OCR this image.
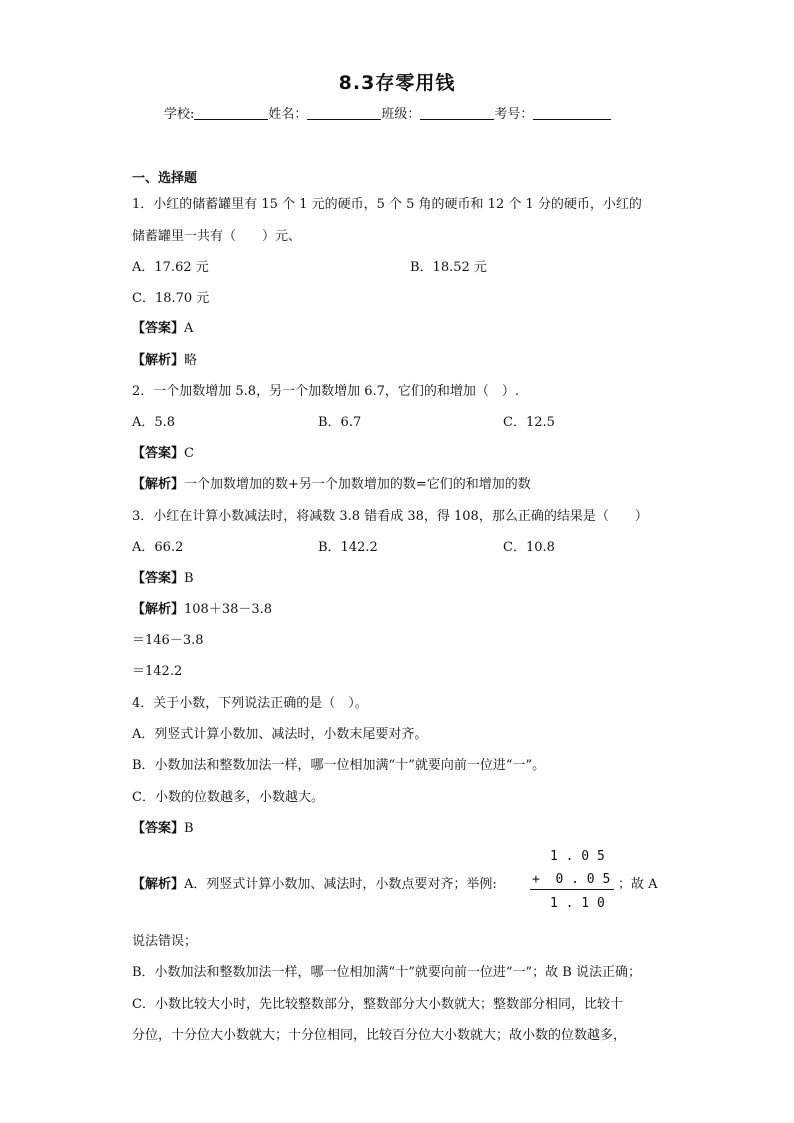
8.3存零用钱
学校:	姓名：	班级：	考号：
一、选择题
1．小红的储蓄罐里有 15 个 1 元的硬币，5 个 5 角的硬币和 12 个 1 分的硬币，小红的
储蓄罐里一共有（　　）元、
A．17.62 元	B．18.52 元
C．18.70 元
【答案】A
【解析】略
2．一个加数增加 5.8，另一个加数增加 6.7，它们的和增加（　）.
A．5.8	B．6.7	C．12.5
【答案】C
【解析】一个加数增加的数+另一个加数增加的数=它们的和增加的数
3．小红在计算小数减法时，将减数 3.8 错看成 38，得 108，那么正确的结果是（　　）
A．66.2	B．142.2	C．10.8
【答案】B
【解析】108＋38－3.8
＝146－3.8
＝142.2
4．关于小数，下列说法正确的是（　）。
A．列竖式计算小数加、减法时，小数末尾要对齐。
B．小数加法和整数加法一样，哪一位相加满“十”就要向前一位进“一”。
C．小数的位数越多，小数越大。
【答案】B
【解析】A．列竖式计算小数加、减法时，小数点要对齐；举例:
1 . 0 5
+  0 . 0 5
1 . 1 0
；故 A
说法错误；
B．小数加法和整数加法一样，哪一位相加满“十”就要向前一位进“一”；故 B 说法正确；
C．小数比较大小时，先比较整数部分，整数部分大小数就大；整数部分相同，比较十
分位，十分位大小数就大；十分位相同，比较百分位大小数就大；故小数的位数越多，
